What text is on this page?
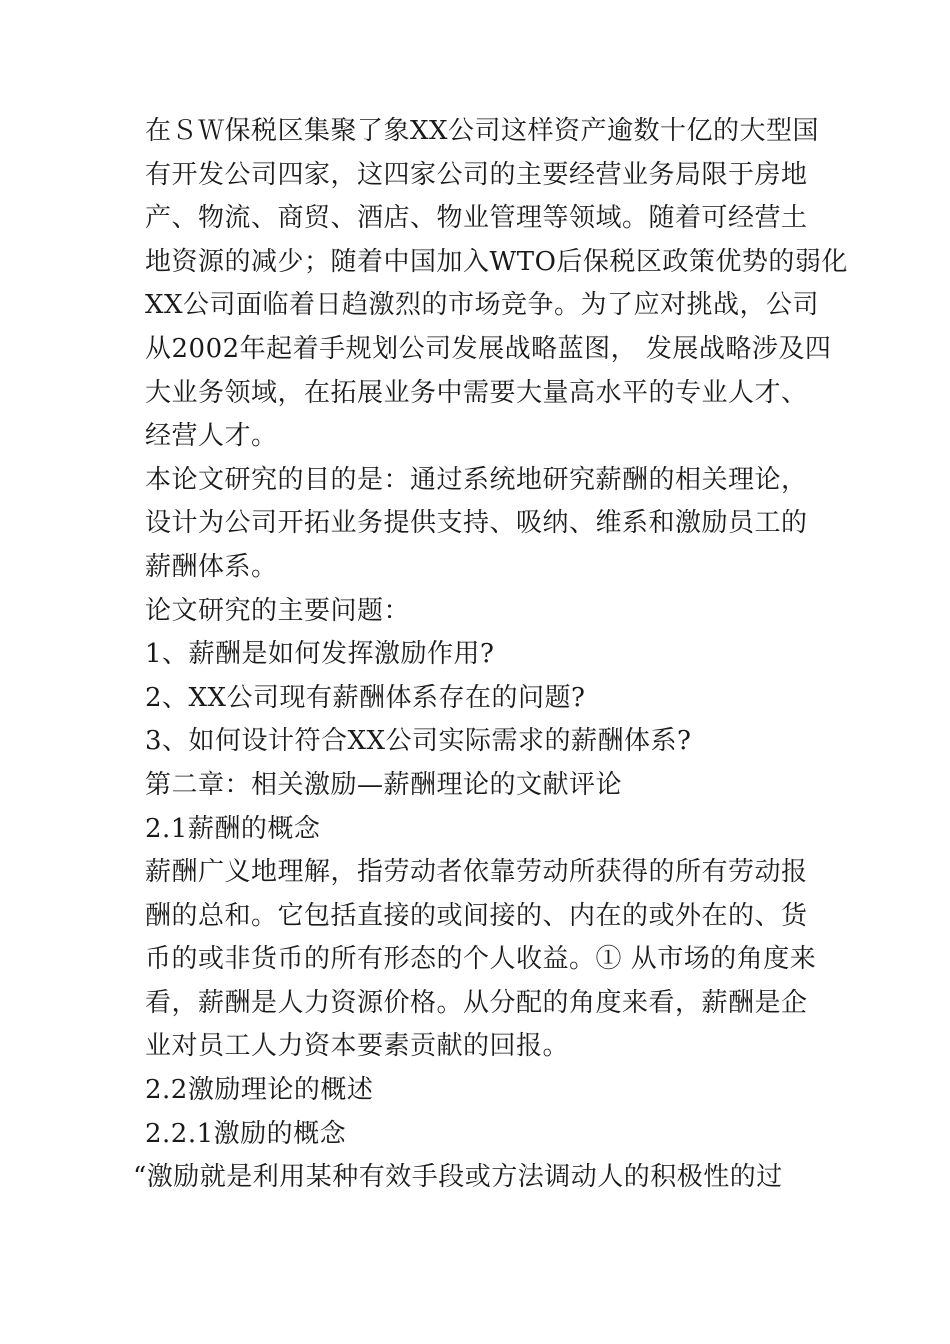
在ＳＷ保税区集聚了象XX公司这样资产逾数十亿的大型国
有开发公司四家，这四家公司的主要经营业务局限于房地
产、物流、商贸、酒店、物业管理等领域。随着可经营土
地资源的减少；随着中国加入WTO后保税区政策优势的弱化
XX公司面临着日趋激烈的市场竞争。为了应对挑战，公司
从2002年起着手规划公司发展战略蓝图， 发展战略涉及四
大业务领域，在拓展业务中需要大量高水平的专业人才、
经营人才。
本论文研究的目的是：通过系统地研究薪酬的相关理论，
设计为公司开拓业务提供支持、吸纳、维系和激励员工的
薪酬体系。
论文研究的主要问题：
1、薪酬是如何发挥激励作用?
2、XX公司现有薪酬体系存在的问题?
3、如何设计符合XX公司实际需求的薪酬体系?
第二章：相关激励—薪酬理论的文献评论
2.1薪酬的概念
薪酬广义地理解，指劳动者依靠劳动所获得的所有劳动报
酬的总和。它包括直接的或间接的、内在的或外在的、货
币的或非货币的所有形态的个人收益。① 从市场的角度来
看，薪酬是人力资源价格。从分配的角度来看，薪酬是企
业对员工人力资本要素贡献的回报。
2.2激励理论的概述
2.2.1激励的概念
“激励就是利用某种有效手段或方法调动人的积极性的过
